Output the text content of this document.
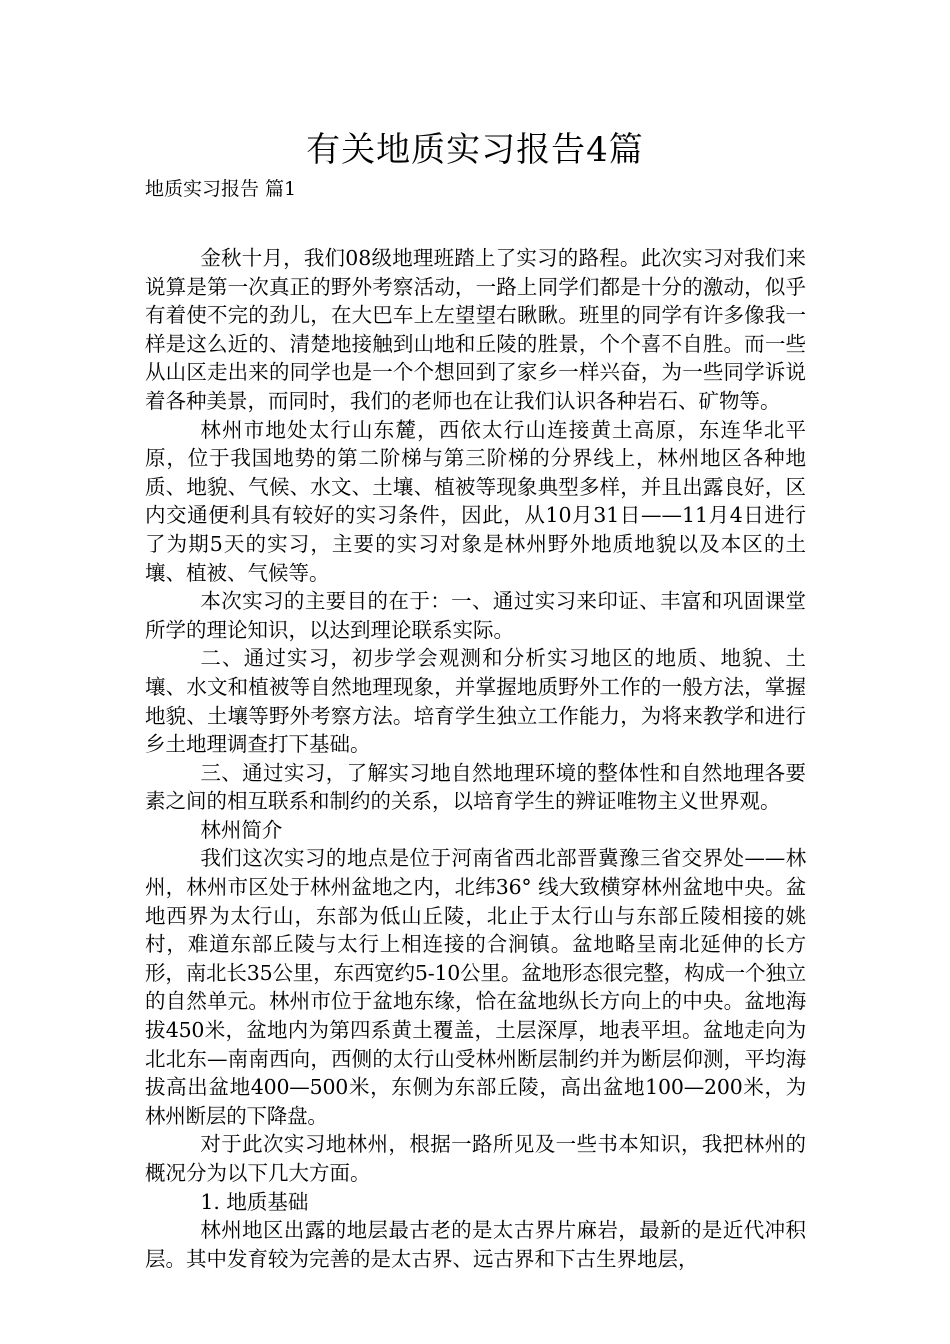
有关地质实习报告4篇

地质实习报告 篇1

金秋十月，我们08级地理班踏上了实习的路程。此次实习对我们来说算是第一次真正的野外考察活动，一路上同学们都是十分的激动，似乎有着使不完的劲儿，在大巴车上左望望右瞅瞅。班里的同学有许多像我一样是这么近的、清楚地接触到山地和丘陵的胜景，个个喜不自胜。而一些从山区走出来的同学也是一个个想回到了家乡一样兴奋，为一些同学诉说着各种美景，而同时，我们的老师也在让我们认识各种岩石、矿物等。

林州市地处太行山东麓，西依太行山连接黄土高原，东连华北平原，位于我国地势的第二阶梯与第三阶梯的分界线上，林州地区各种地质、地貌、气候、水文、土壤、植被等现象典型多样，并且出露良好，区内交通便利具有较好的实习条件，因此，从10月31日——11月4日进行了为期5天的实习，主要的实习对象是林州野外地质地貌以及本区的土壤、植被、气候等。

本次实习的主要目的在于：一、通过实习来印证、丰富和巩固课堂所学的理论知识，以达到理论联系实际。

二、通过实习，初步学会观测和分析实习地区的地质、地貌、土壤、水文和植被等自然地理现象，并掌握地质野外工作的一般方法，掌握地貌、土壤等野外考察方法。培育学生独立工作能力，为将来教学和进行乡土地理调查打下基础。

三、通过实习，了解实习地自然地理环境的整体性和自然地理各要素之间的相互联系和制约的关系，以培育学生的辨证唯物主义世界观。

林州简介

我们这次实习的地点是位于河南省西北部晋冀豫三省交界处——林州，林州市区处于林州盆地之内，北纬36° 线大致横穿林州盆地中央。盆地西界为太行山，东部为低山丘陵，北止于太行山与东部丘陵相接的姚村，难道东部丘陵与太行上相连接的合涧镇。盆地略呈南北延伸的长方形，南北长35公里，东西宽约5-10公里。盆地形态很完整，构成一个独立的自然单元。林州市位于盆地东缘，恰在盆地纵长方向上的中央。盆地海拔450米，盆地内为第四系黄土覆盖，土层深厚，地表平坦。盆地走向为北北东—南南西向，西侧的太行山受林州断层制约并为断层仰测，平均海拔高出盆地400—500米，东侧为东部丘陵，高出盆地100—200米，为林州断层的下降盘。

对于此次实习地林州，根据一路所见及一些书本知识，我把林州的概况分为以下几大方面。

1. 地质基础

林州地区出露的地层最古老的是太古界片麻岩，最新的是近代冲积层。其中发育较为完善的是太古界、远古界和下古生界地层，
